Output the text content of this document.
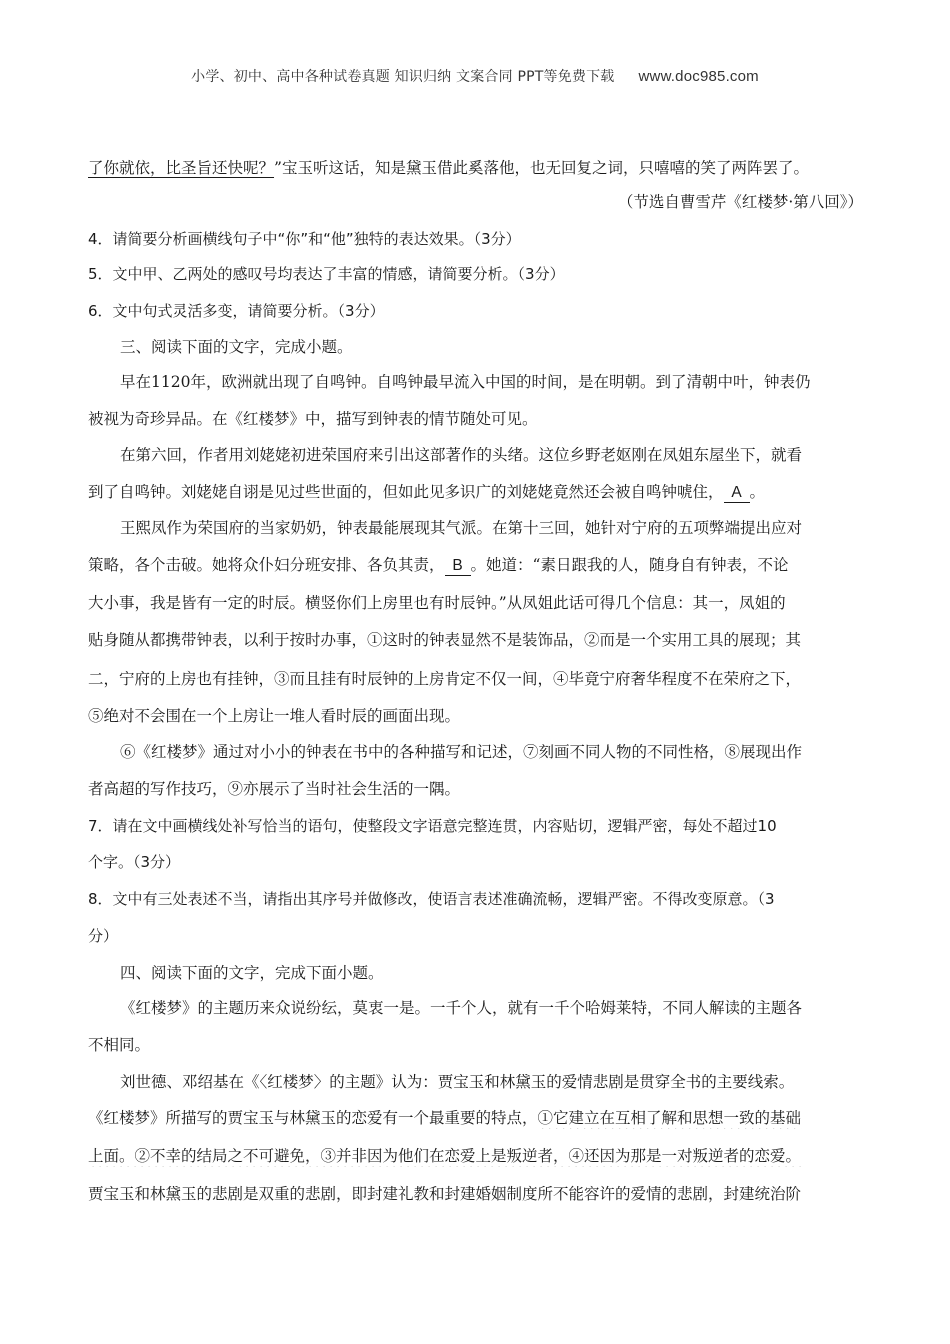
小学、初中、高中各种试卷真题 知识归纳 文案合同 PPT等免费下载 www.doc985.com
了你就依，比圣旨还快呢？”宝玉听这话，知是黛玉借此奚落他，也无回复之词，只嘻嘻的笑了两阵罢了。
（节选自曹雪芹《红楼梦·第八回》）
4．请简要分析画横线句子中“你”和“他”独特的表达效果。（3分）
5．文中甲、乙两处的感叹号均表达了丰富的情感，请简要分析。（3分）
6．文中句式灵活多变，请简要分析。（3分）
三、阅读下面的文字，完成小题。
早在1120年，欧洲就出现了自鸣钟。自鸣钟最早流入中国的时间，是在明朝。到了清朝中叶，钟表仍
被视为奇珍异品。在《红楼梦》中，描写到钟表的情节随处可见。
在第六回，作者用刘姥姥初进荣国府来引出这部著作的头绪。这位乡野老妪刚在凤姐东屋坐下，就看
到了自鸣钟。刘姥姥自诩是见过些世面的，但如此见多识广的刘姥姥竟然还会被自鸣钟唬住， A 。
王熙凤作为荣国府的当家奶奶，钟表最能展现其气派。在第十三回，她针对宁府的五项弊端提出应对
策略，各个击破。她将众仆妇分班安排、各负其责， B 。她道：“素日跟我的人，随身自有钟表，不论
大小事，我是皆有一定的时辰。横竖你们上房里也有时辰钟。”从凤姐此话可得几个信息：其一，凤姐的
贴身随从都携带钟表，以利于按时办事，①这时的钟表显然不是装饰品，②而是一个实用工具的展现；其
二，宁府的上房也有挂钟，③而且挂有时辰钟的上房肯定不仅一间，④毕竟宁府奢华程度不在荣府之下，
⑤绝对不会围在一个上房让一堆人看时辰的画面出现。
⑥《红楼梦》通过对小小的钟表在书中的各种描写和记述，⑦刻画不同人物的不同性格，⑧展现出作
者高超的写作技巧，⑨亦展示了当时社会生活的一隅。
7．请在文中画横线处补写恰当的语句，使整段文字语意完整连贯，内容贴切，逻辑严密，每处不超过10
个字。（3分）
8．文中有三处表述不当，请指出其序号并做修改，使语言表述准确流畅，逻辑严密。不得改变原意。（3
分）
四、阅读下面的文字，完成下面小题。
《红楼梦》的主题历来众说纷纭，莫衷一是。一千个人，就有一千个哈姆莱特，不同人解读的主题各
不相同。
刘世德、邓绍基在《〈红楼梦〉的主题》认为：贾宝玉和林黛玉的爱情悲剧是贯穿全书的主要线索。
《红楼梦》所描写的贾宝玉与林黛玉的恋爱有一个最重要的特点，①它建立在互相了解和思想一致的基础
上面。②不幸的结局之不可避免，③并非因为他们在恋爱上是叛逆者，④还因为那是一对叛逆者的恋爱。
贾宝玉和林黛玉的悲剧是双重的悲剧，即封建礼教和封建婚姻制度所不能容许的爱情的悲剧，封建统治阶
